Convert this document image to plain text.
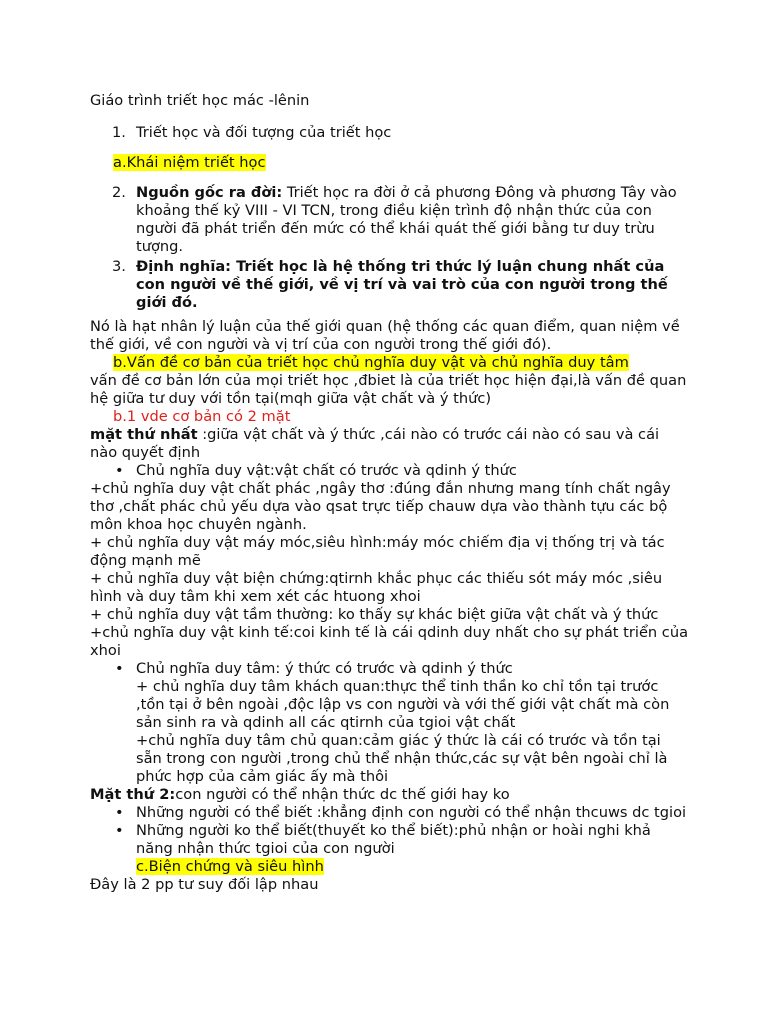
Giáo trình triết học mác -lênin

1. Triết học và đối tượng của triết học

a.Khái niệm triết học

2. Nguồn gốc ra đời: Triết học ra đời ở cả phương Đông và phương Tây vào khoảng thế kỷ VIII - VI TCN, trong điều kiện trình độ nhận thức của con người đã phát triển đến mức có thể khái quát thế giới bằng tư duy trừu tượng.
3. Định nghĩa: Triết học là hệ thống tri thức lý luận chung nhất của con người về thế giới, về vị trí và vai trò của con người trong thế giới đó.

Nó là hạt nhân lý luận của thế giới quan (hệ thống các quan điểm, quan niệm về thế giới, về con người và vị trí của con người trong thế giới đó).

b.Vấn đề cơ bản của triết học chủ nghĩa duy vật và chủ nghĩa duy tâm

vấn đề cơ bản lớn của mọi triết học ,đbiet là của triết học hiện đại,là vấn đề quan hệ giữa tư duy với tồn tại(mqh giữa vật chất và ý thức)

b.1 vde cơ bản có 2 mặt

mặt thứ nhất :giữa vật chất và ý thức ,cái nào có trước cái nào có sau và cái nào quyết định

• Chủ nghĩa duy vật:vật chất có trước và qdinh ý thức

+chủ nghĩa duy vật chất phác ,ngây thơ :đúng đắn nhưng mang tính chất ngây thơ ,chất phác chủ yếu dựa vào qsat trực tiếp chauw dựa vào thành tựu các bộ môn khoa học chuyên ngành.

+ chủ nghĩa duy vật máy móc,siêu hình:máy móc chiếm địa vị thống trị và tác động mạnh mẽ

+ chủ nghĩa duy vật biện chứng:qtirnh khắc phục các thiếu sót máy móc ,siêu hình và duy tâm khi xem xét các htuong xhoi

+ chủ nghĩa duy vật tầm thường: ko thấy sự khác biệt giữa vật chất và ý thức

+chủ nghĩa duy vật kinh tế:coi kinh tế là cái qdinh duy nhất cho sự phát triển của xhoi

• Chủ nghĩa duy tâm: ý thức có trước và qdinh ý thức

+ chủ nghĩa duy tâm khách quan:thực thể tinh thần ko chỉ tồn tại trước ,tồn tại ở bên ngoài ,độc lập vs con người và với thế giới vật chất mà còn sản sinh ra và qdinh all các qtirnh của tgioi vật chất

+chủ nghĩa duy tâm chủ quan:cảm giác ý thức là cái có trước và tồn tại sẵn trong con người ,trong chủ thể nhận thức,các sự vật bên ngoài chỉ là phức hợp của cảm giác ấy mà thôi

Mặt thứ 2:con người có thể nhận thức dc thế giới hay ko

• Những người có thể biết :khẳng định con người có thể nhận thcuws dc tgioi
• Những người ko thể biết(thuyết ko thể biết):phủ nhận or hoài nghi khả năng nhận thức tgioi của con người

c.Biện chứng và siêu hình

Đây là 2 pp tư suy đối lập nhau
